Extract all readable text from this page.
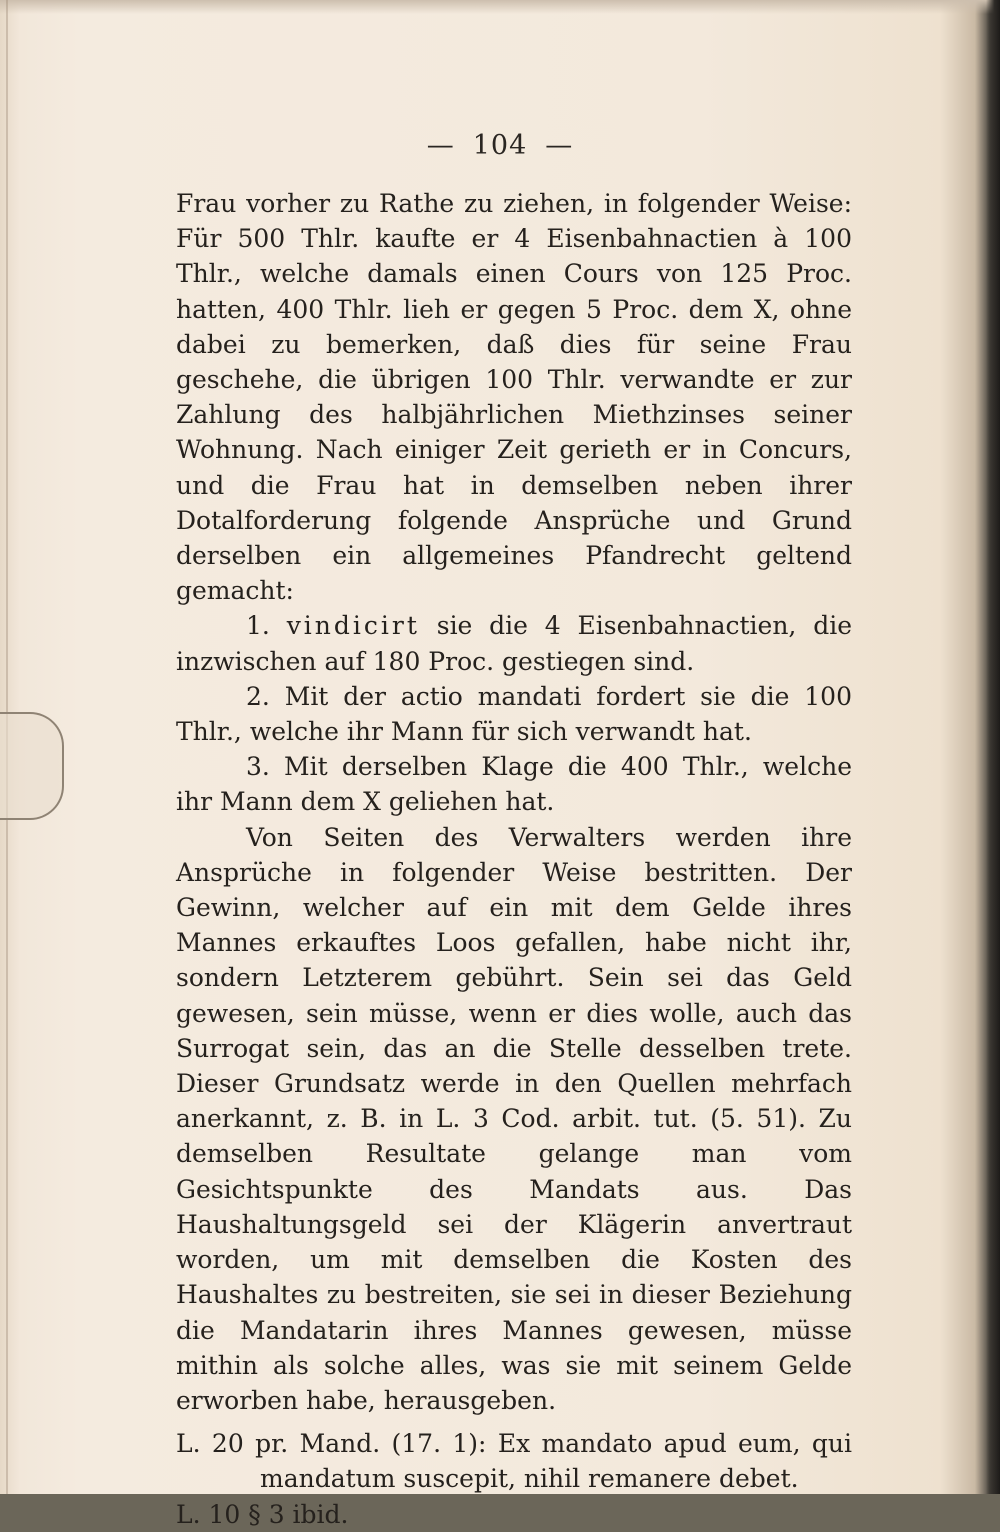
— 104 —

Frau vorher zu Rathe zu ziehen, in folgender Weise: Für 500 Thlr. kaufte er 4 Eisenbahnactien à 100 Thlr., welche damals einen Cours von 125 Proc. hatten, 400 Thlr. lieh er gegen 5 Proc. dem X, ohne dabei zu bemerken, daß dies für seine Frau geschehe, die übrigen 100 Thlr. verwandte er zur Zahlung des halbjährlichen Miethzinses seiner Wohnung. Nach einiger Zeit gerieth er in Concurs, und die Frau hat in demselben neben ihrer Dotalforderung folgende Ansprüche und Grund derselben ein allgemeines Pfandrecht geltend gemacht:

1. vindicirt sie die 4 Eisenbahnactien, die inzwischen auf 180 Proc. gestiegen sind.

2. Mit der actio mandati fordert sie die 100 Thlr., welche ihr Mann für sich verwandt hat.

3. Mit derselben Klage die 400 Thlr., welche ihr Mann dem X geliehen hat.

Von Seiten des Verwalters werden ihre Ansprüche in folgender Weise bestritten. Der Gewinn, welcher auf ein mit dem Gelde ihres Mannes erkauftes Loos gefallen, habe nicht ihr, sondern Letzterem gebührt. Sein sei das Geld gewesen, sein müsse, wenn er dies wolle, auch das Surrogat sein, das an die Stelle desselben trete. Dieser Grundsatz werde in den Quellen mehrfach anerkannt, z. B. in L. 3 Cod. arbit. tut. (5. 51). Zu demselben Resultate gelange man vom Gesichtspunkte des Mandats aus. Das Haushaltungsgeld sei der Klägerin anvertraut worden, um mit demselben die Kosten des Haushaltes zu bestreiten, sie sei in dieser Beziehung die Mandatarin ihres Mannes gewesen, müsse mithin als solche alles, was sie mit seinem Gelde erworben habe, herausgeben.

L. 20 pr. Mand. (17. 1): Ex mandato apud eum, qui mandatum suscepit, nihil remanere debet.
L. 10 § 3 ibid.
